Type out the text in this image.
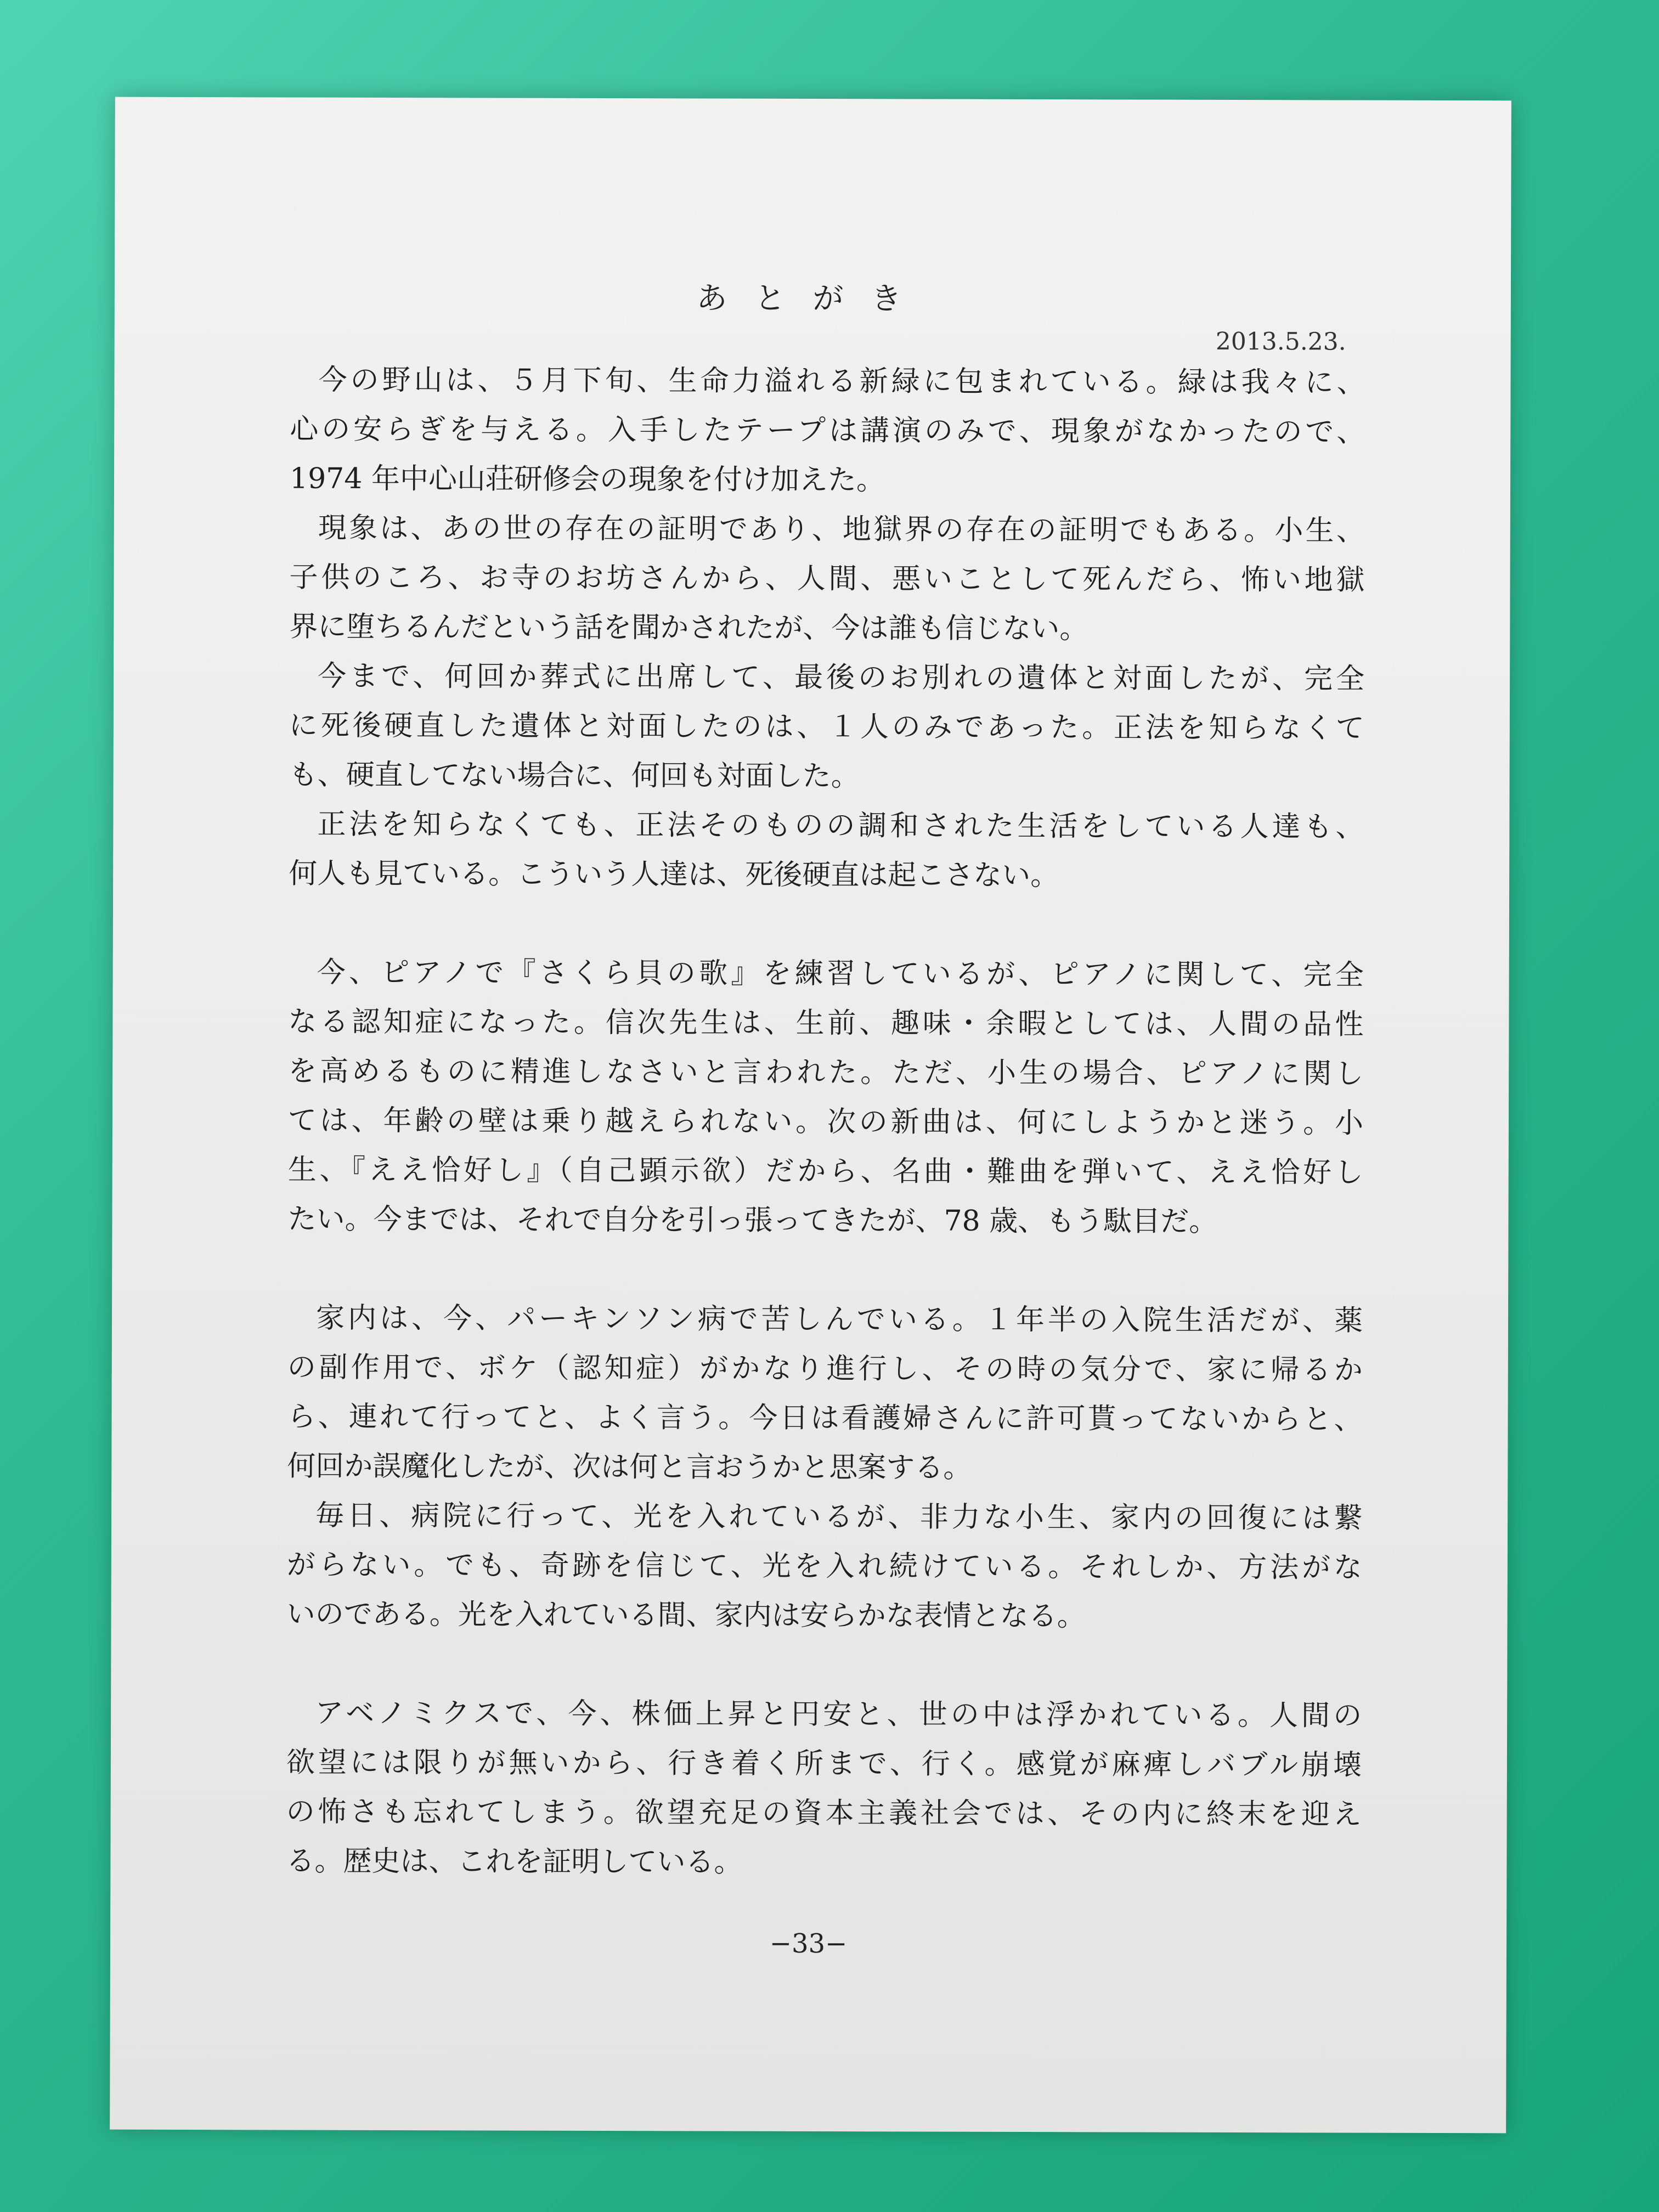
あとがき
2013.5.23.
今の野山は、５月下旬、生命力溢れる新緑に包まれている。緑は我々に、
心の安らぎを与える。入手したテープは講演のみで、現象がなかったので、
1974 年中心山荘研修会の現象を付け加えた。
現象は、あの世の存在の証明であり、地獄界の存在の証明でもある。小生、
子供のころ、お寺のお坊さんから、人間、悪いことして死んだら、怖い地獄
界に堕ちるんだという話を聞かされたが、今は誰も信じない。
今まで、何回か葬式に出席して、最後のお別れの遺体と対面したが、完全
に死後硬直した遺体と対面したのは、１人のみであった。正法を知らなくて
も、硬直してない場合に、何回も対面した。
正法を知らなくても、正法そのものの調和された生活をしている人達も、
何人も見ている。こういう人達は、死後硬直は起こさない。
今、ピアノで『さくら貝の歌』を練習しているが、ピアノに関して、完全
なる認知症になった。信次先生は、生前、趣味・余暇としては、人間の品性
を高めるものに精進しなさいと言われた。ただ、小生の場合、ピアノに関し
ては、年齢の壁は乗り越えられない。次の新曲は、何にしようかと迷う。小
生、『ええ恰好し』（自己顕示欲）だから、名曲・難曲を弾いて、ええ恰好し
たい。今までは、それで自分を引っ張ってきたが、78 歳、もう駄目だ。
家内は、今、パーキンソン病で苦しんでいる。１年半の入院生活だが、薬
の副作用で、ボケ（認知症）がかなり進行し、その時の気分で、家に帰るか
ら、連れて行ってと、よく言う。今日は看護婦さんに許可貰ってないからと、
何回か誤魔化したが、次は何と言おうかと思案する。
毎日、病院に行って、光を入れているが、非力な小生、家内の回復には繋
がらない。でも、奇跡を信じて、光を入れ続けている。それしか、方法がな
いのである。光を入れている間、家内は安らかな表情となる。
アベノミクスで、今、株価上昇と円安と、世の中は浮かれている。人間の
欲望には限りが無いから、行き着く所まで、行く。感覚が麻痺しバブル崩壊
の怖さも忘れてしまう。欲望充足の資本主義社会では、その内に終末を迎え
る。歴史は、これを証明している。
−33−
